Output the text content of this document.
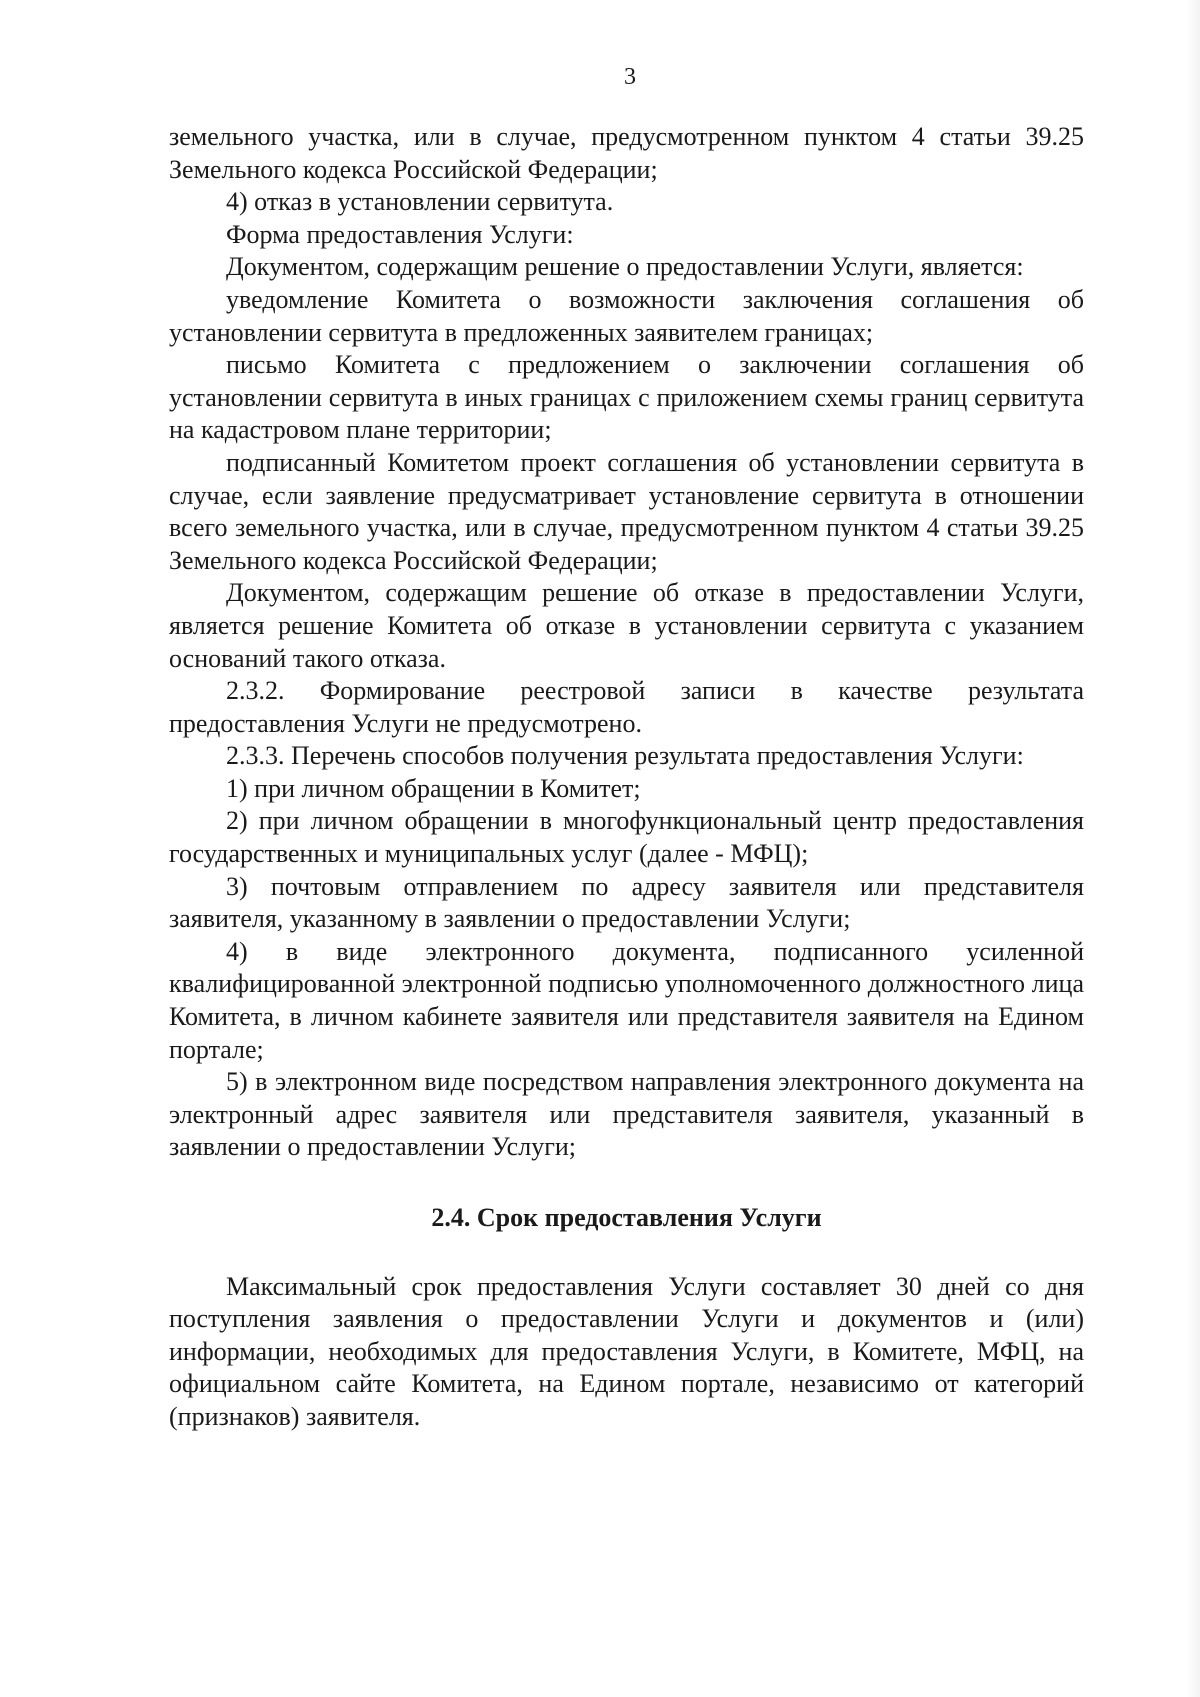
3

земельного участка, или в случае, предусмотренном пунктом 4 статьи 39.25 Земельного кодекса Российской Федерации;

4) отказ в установлении сервитута.

Форма предоставления Услуги:

Документом, содержащим решение о предоставлении Услуги, является:

уведомление Комитета о возможности заключения соглашения об установлении сервитута в предложенных заявителем границах;

письмо Комитета с предложением о заключении соглашения об установлении сервитута в иных границах с приложением схемы границ сервитута на кадастровом плане территории;

подписанный Комитетом проект соглашения об установлении сервитута в случае, если заявление предусматривает установление сервитута в отношении всего земельного участка, или в случае, предусмотренном пунктом 4 статьи 39.25 Земельного кодекса Российской Федерации;

Документом, содержащим решение об отказе в предоставлении Услуги, является решение Комитета об отказе в установлении сервитута с указанием оснований такого отказа.

2.3.2. Формирование реестровой записи в качестве результата предоставления Услуги не предусмотрено.

2.3.3. Перечень способов получения результата предоставления Услуги:

1) при личном обращении в Комитет;

2) при личном обращении в многофункциональный центр предоставления государственных и муниципальных услуг (далее - МФЦ);

3) почтовым отправлением по адресу заявителя или представителя заявителя, указанному в заявлении о предоставлении Услуги;

4) в виде электронного документа, подписанного усиленной квалифицированной электронной подписью уполномоченного должностного лица Комитета, в личном кабинете заявителя или представителя заявителя на Едином портале;

5) в электронном виде посредством направления электронного документа на электронный адрес заявителя или представителя заявителя, указанный в заявлении о предоставлении Услуги;

2.4. Срок предоставления Услуги

Максимальный срок предоставления Услуги составляет 30 дней со дня поступления заявления о предоставлении Услуги и документов и (или) информации, необходимых для предоставления Услуги, в Комитете, МФЦ, на официальном сайте Комитета, на Едином портале, независимо от категорий (признаков) заявителя.
